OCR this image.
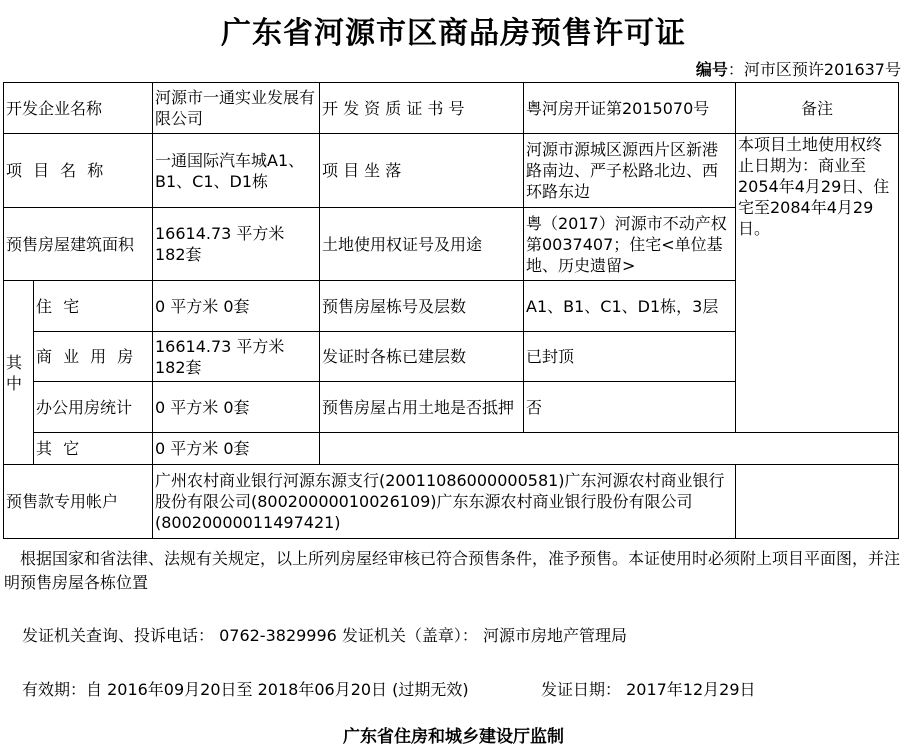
广东省河源市区商品房预售许可证
编号：河市区预许201637号
开发企业名称		河源市一通实业发展有限公司	开 发 资 质 证 书 号	粤河房开证第2015070号	备注
项 目 名 称		一通国际汽车城A1、B1、C1、D1栋	项 目 坐 落	河源市源城区源西片区新港路南边、严子松路北边、西环路东边	本项目土地使用权终止日期为：商业至2054年4月29日、住宅至2084年4月29日。
预售房屋建筑面积		16614.73 平方米 182套	土地使用权证号及用途	粤（2017）河源市不动产权第0037407；住宅<单位基地、历史遗留>	
其 中	住 宅	0 平方米 0套	预售房屋栋号及层数	A1、B1、C1、D1栋，3层	
	商 业 用 房	16614.73 平方米 182套	发证时各栋已建层数	已封顶	
	办公用房统计	0 平方米 0套	预售房屋占用土地是否抵押	否	
	其 它	0 平方米 0套			
预售款专用帐户		广州农村商业银行河源东源支行(20011086000000581)广东河源农村商业银行股份有限公司(80020000010026109)广东东源农村商业银行股份有限公司(80020000011497421)			
根据国家和省法律、法规有关规定，以上所列房屋经审核已符合预售条件，准予预售。本证使用时必须附上项目平面图，并注明预售房屋各栋位置
发证机关查询、投诉电话： 0762-3829996 发证机关（盖章）： 河源市房地产管理局
有效期：自 2016年09月20日至 2018年06月20日 (过期无效)	发证日期： 2017年12月29日
广东省住房和城乡建设厅监制
